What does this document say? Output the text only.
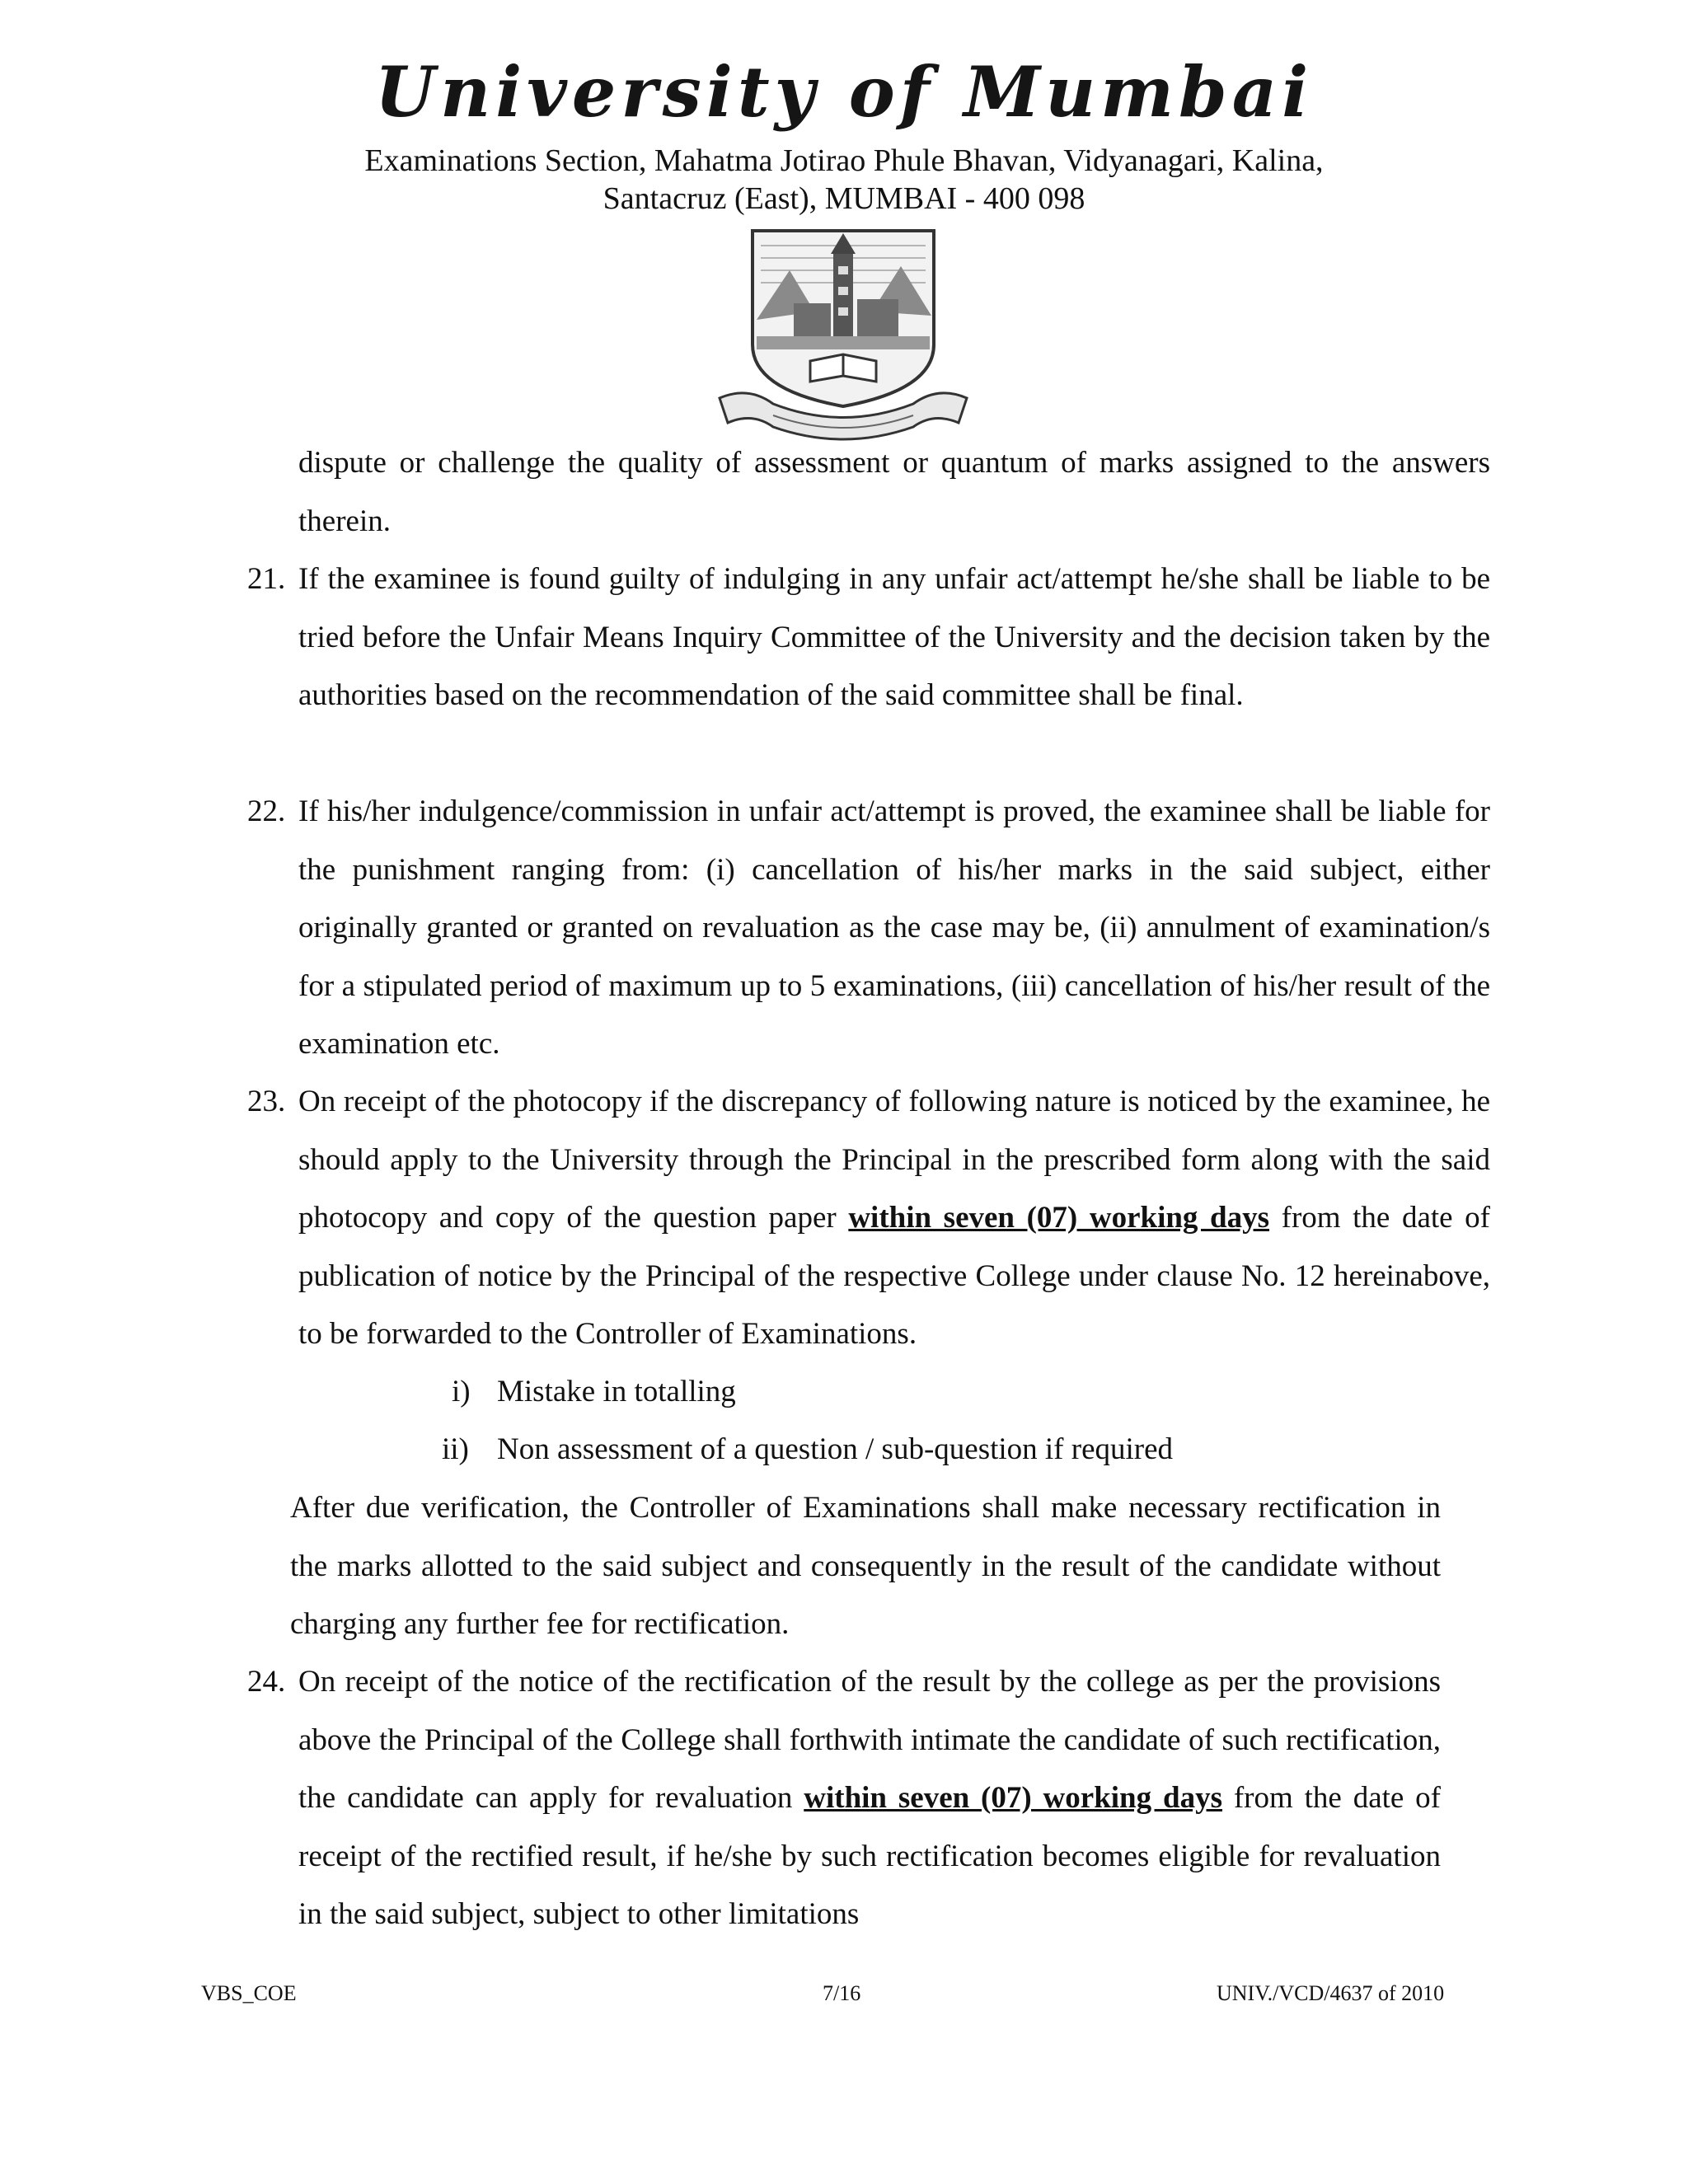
University of Mumbai
Examinations Section, Mahatma Jotirao Phule Bhavan, Vidyanagari, Kalina,
Santacruz (East), MUMBAI - 400 098

dispute or challenge the quality of assessment or quantum of marks assigned to the answers therein.

21. If the examinee is found guilty of indulging in any unfair act/attempt he/she shall be liable to be tried before the Unfair Means Inquiry Committee of the University and the decision taken by the authorities based on the recommendation of the said committee shall be final.

22. If his/her indulgence/commission in unfair act/attempt is proved, the examinee shall be liable for the punishment ranging from: (i) cancellation of his/her marks in the said subject, either originally granted or granted on revaluation as the case may be, (ii) annulment of examination/s for a stipulated period of maximum up to 5 examinations, (iii) cancellation of his/her result of the examination etc.

23. On receipt of the photocopy if the discrepancy of following nature is noticed by the examinee, he should apply to the University through the Principal in the prescribed form along with the said photocopy and copy of the question paper within seven (07) working days from the date of publication of notice by the Principal of the respective College under clause No. 12 hereinabove, to be forwarded to the Controller of Examinations.

i) Mistake in totalling
ii) Non assessment of a question / sub-question if required

After due verification, the Controller of Examinations shall make necessary rectification in the marks allotted to the said subject and consequently in the result of the candidate without charging any further fee for rectification.

24. On receipt of the notice of the rectification of the result by the college as per the provisions above the Principal of the College shall forthwith intimate the candidate of such rectification, the candidate can apply for revaluation within seven (07) working days from the date of receipt of the rectified result, if he/she by such rectification becomes eligible for revaluation in the said subject, subject to other limitations

VBS_COE	7/16	UNIV./VCD/4637 of 2010
